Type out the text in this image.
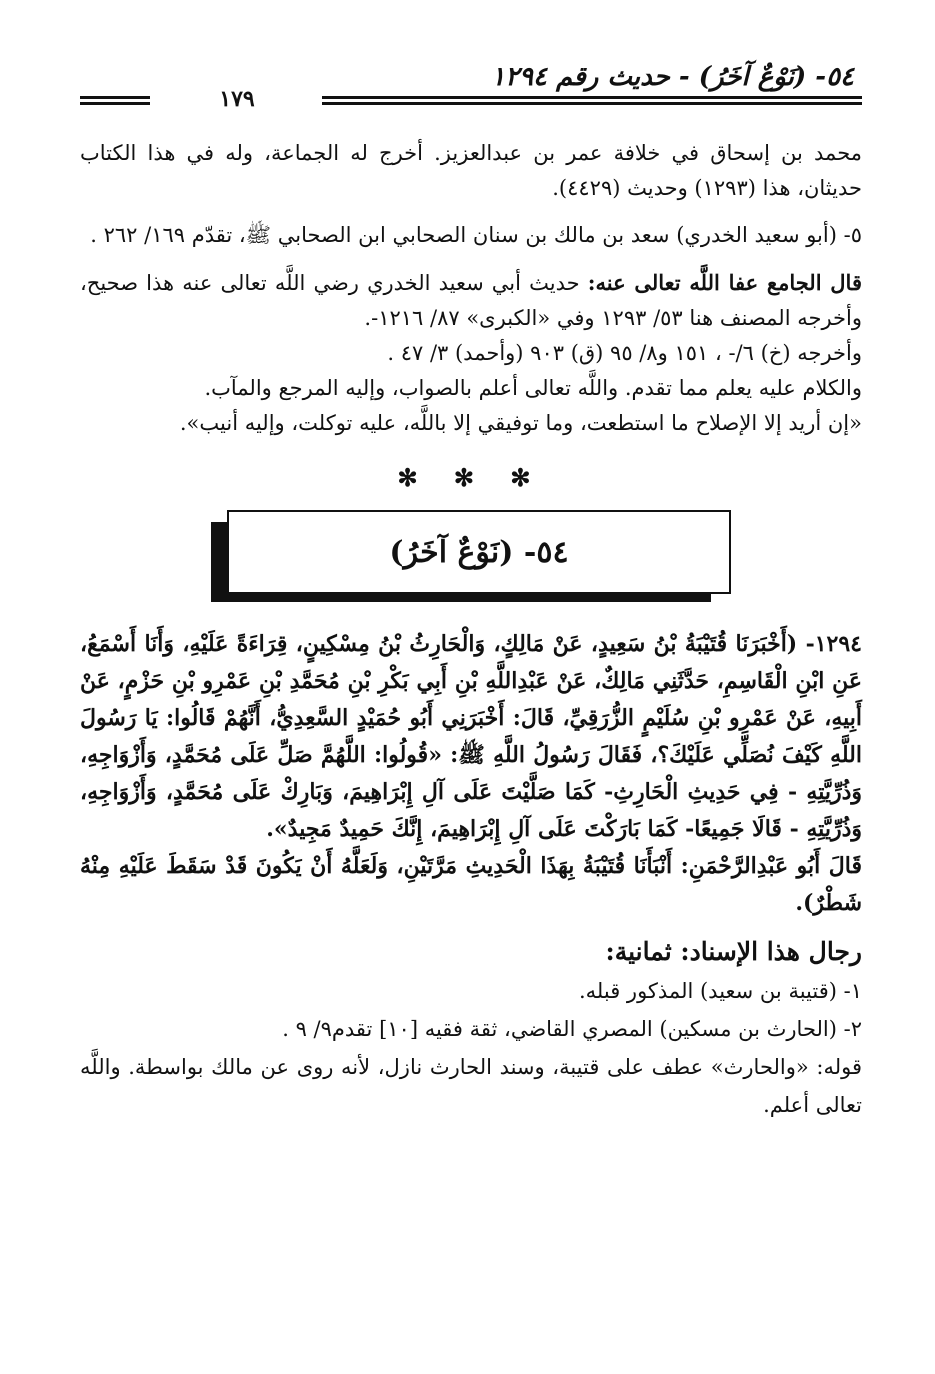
٥٤- (نَوْعٌ آخَرُ) - حديث رقم ١٢٩٤
١٧٩

محمد بن إسحاق في خلافة عمر بن عبدالعزيز. أخرج له الجماعة، وله في هذا الكتاب حديثان، هذا (١٢٩٣) وحديث (٤٤٢٩).

٥- (أبو سعيد الخدري) سعد بن مالك بن سنان الصحابي ابن الصحابي ﷺ، تقدّم ١٦٩/ ٢٦٢ .

قال الجامع عفا اللَّه تعالى عنه: حديث أبي سعيد الخدري رضي اللَّه تعالى عنه هذا صحيح، وأخرجه المصنف هنا ٥٣/ ١٢٩٣ وفي «الكبرى» ٨٧/ ١٢١٦-.

وأخرجه (خ) ٦/- ، ١٥١ و٨/ ٩٥ (ق) ٩٠٣ (وأحمد) ٣/ ٤٧ .

والكلام عليه يعلم مما تقدم. واللَّه تعالى أعلم بالصواب، وإليه المرجع والمآب.

«إن أريد إلا الإصلاح ما استطعت، وما توفيقي إلا باللَّه، عليه توكلت، وإليه أنيب».

✻ ✻ ✻
٥٤- (نَوْعٌ آخَرُ)

١٢٩٤- (أَخْبَرَنَا قُتَيْبَةُ بْنُ سَعِيدٍ، عَنْ مَالِكٍ، وَالْحَارِثُ بْنُ مِسْكِينٍ، قِرَاءَةً عَلَيْهِ، وَأَنَا أَسْمَعُ، عَنِ ابْنِ الْقَاسِمِ، حَدَّثَنِي مَالِكٌ، عَنْ عَبْدِاللَّهِ بْنِ أَبِي بَكْرِ بْنِ مُحَمَّدِ بْنِ عَمْرِو بْنِ حَزْمٍ، عَنْ أَبِيهِ، عَنْ عَمْرِو بْنِ سُلَيْمٍ الزُّرَقِيِّ، قَالَ: أَخْبَرَنِي أَبُو حُمَيْدٍ السَّعِدِيُّ، أَنَّهُمْ قَالُوا: يَا رَسُولَ اللَّهِ كَيْفَ نُصَلِّي عَلَيْكَ؟، فَقَالَ رَسُولُ اللَّهِ ﷺ: «قُولُوا: اللَّهُمَّ صَلِّ عَلَى مُحَمَّدٍ، وَأَزْوَاجِهِ، وَذُرِّيَّتِهِ - فِي حَدِيثِ الْحَارِثِ- كَمَا صَلَّيْتَ عَلَى آلِ إِبْرَاهِيمَ، وَبَارِكْ عَلَى مُحَمَّدٍ، وَأَزْوَاجِهِ، وَذُرِّيَّتِهِ - قَالَا جَمِيعًا- كَمَا بَارَكْتَ عَلَى آلِ إِبْرَاهِيمَ، إِنَّكَ حَمِيدٌ مَجِيدٌ».

قَالَ أَبُو عَبْدِالرَّحْمَنِ: أَنْبَأَنَا قُتَيْبَةُ بِهَذَا الْحَدِيثِ مَرَّتَيْنِ، وَلَعَلَّهُ أَنْ يَكُونَ قَدْ سَقَطَ عَلَيْهِ مِنْهُ شَطْرٌ).

رجال هذا الإسناد: ثمانية:

١- (قتيبة بن سعيد) المذكور قبله.

٢- (الحارث بن مسكين) المصري القاضي، ثقة فقيه [١٠] تقدم٩/ ٩ .

قوله: «والحارث» عطف على قتيبة، وسند الحارث نازل، لأنه روى عن مالك بواسطة. واللَّه تعالى أعلم.
